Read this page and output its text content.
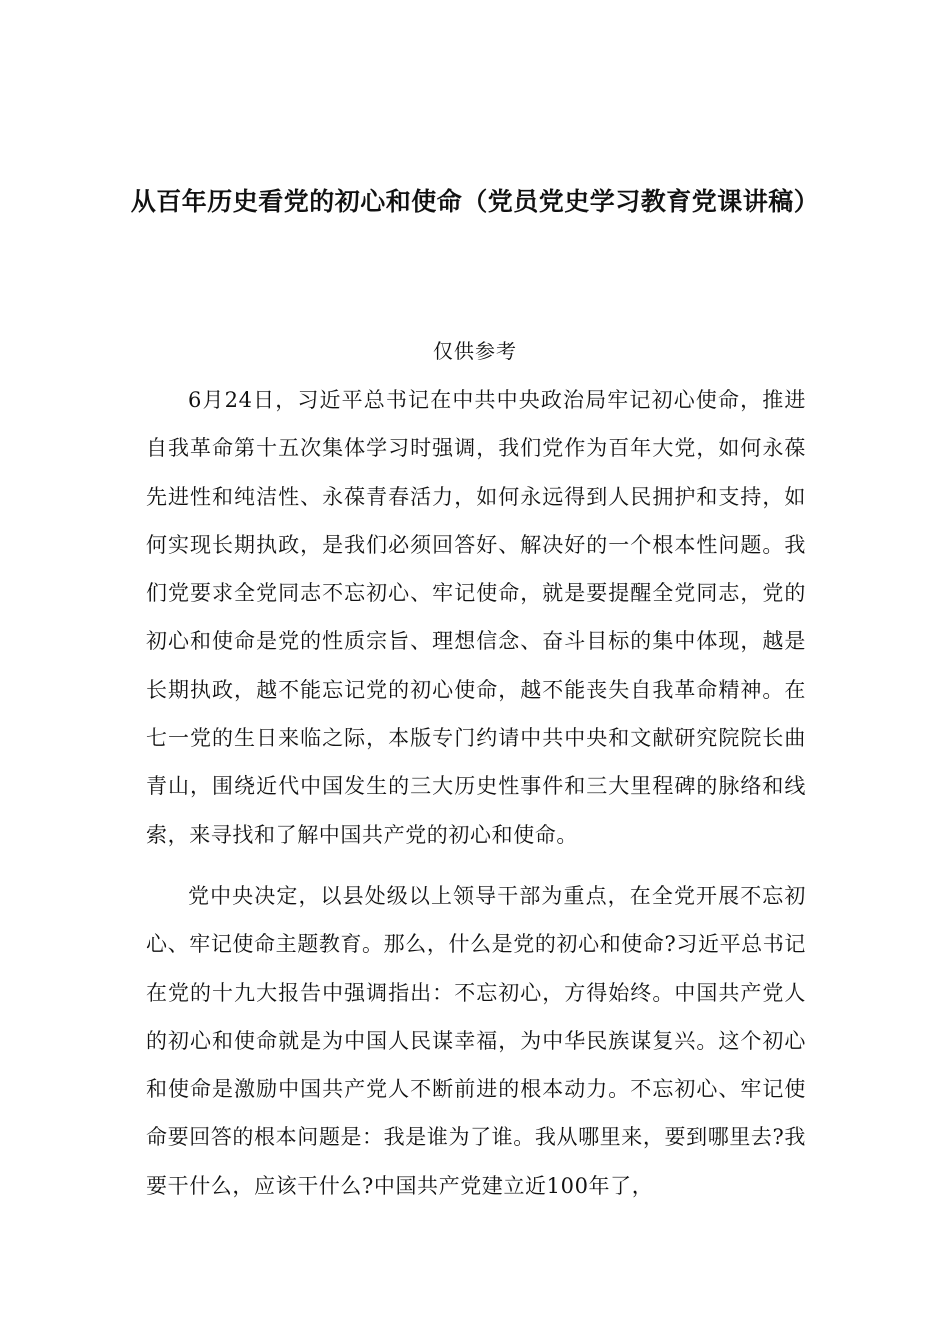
从百年历史看党的初心和使命（党员党史学习教育党课讲稿）
仅供参考

6月24日，习近平总书记在中共中央政治局牢记初心使命，推进自我革命第十五次集体学习时强调，我们党作为百年大党，如何永葆先进性和纯洁性、永葆青春活力，如何永远得到人民拥护和支持，如何实现长期执政，是我们必须回答好、解决好的一个根本性问题。我们党要求全党同志不忘初心、牢记使命，就是要提醒全党同志，党的初心和使命是党的性质宗旨、理想信念、奋斗目标的集中体现，越是长期执政，越不能忘记党的初心使命，越不能丧失自我革命精神。在七一党的生日来临之际，本版专门约请中共中央和文献研究院院长曲青山，围绕近代中国发生的三大历史性事件和三大里程碑的脉络和线索，来寻找和了解中国共产党的初心和使命。

党中央决定，以县处级以上领导干部为重点，在全党开展不忘初心、牢记使命主题教育。那么，什么是党的初心和使命?习近平总书记在党的十九大报告中强调指出：不忘初心，方得始终。中国共产党人的初心和使命就是为中国人民谋幸福，为中华民族谋复兴。这个初心和使命是激励中国共产党人不断前进的根本动力。不忘初心、牢记使命要回答的根本问题是：我是谁为了谁。我从哪里来，要到哪里去?我要干什么，应该干什么?中国共产党建立近100年了，
